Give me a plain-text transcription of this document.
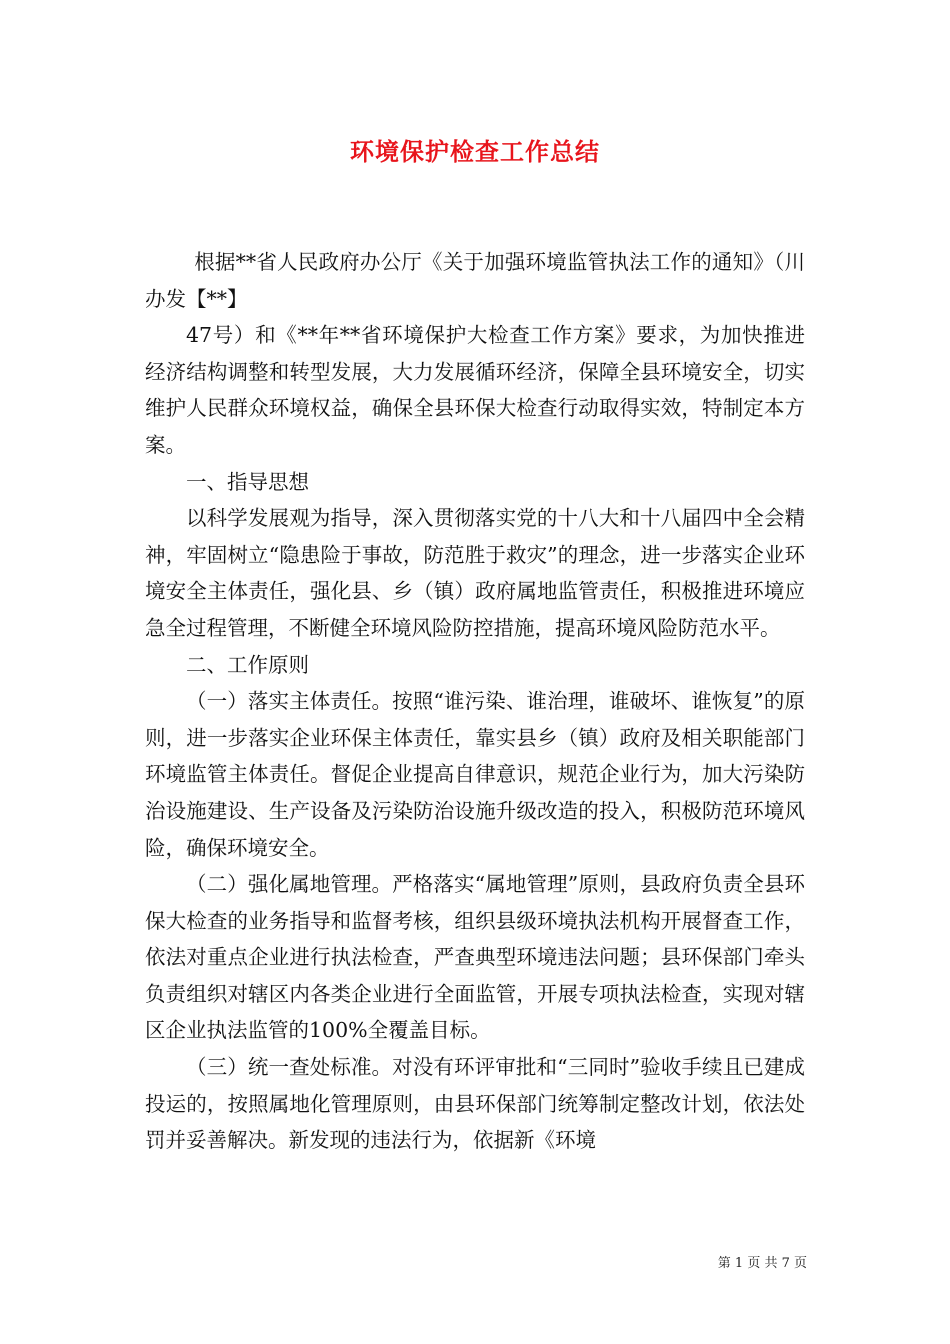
环境保护检查工作总结

根据**省人民政府办公厅《关于加强环境监管执法工作的通知》（川办发【**】

47号）和《**年**省环境保护大检查工作方案》要求，为加快推进经济结构调整和转型发展，大力发展循环经济，保障全县环境安全，切实维护人民群众环境权益，确保全县环保大检查行动取得实效，特制定本方案。

一、指导思想

以科学发展观为指导，深入贯彻落实党的十八大和十八届四中全会精神，牢固树立“隐患险于事故，防范胜于救灾”的理念，进一步落实企业环境安全主体责任，强化县、乡（镇）政府属地监管责任，积极推进环境应急全过程管理，不断健全环境风险防控措施，提高环境风险防范水平。

二、工作原则

（一）落实主体责任。按照“谁污染、谁治理，谁破坏、谁恢复”的原则，进一步落实企业环保主体责任，靠实县乡（镇）政府及相关职能部门环境监管主体责任。督促企业提高自律意识，规范企业行为，加大污染防治设施建设、生产设备及污染防治设施升级改造的投入，积极防范环境风险，确保环境安全。

（二）强化属地管理。严格落实“属地管理”原则，县政府负责全县环保大检查的业务指导和监督考核，组织县级环境执法机构开展督查工作，依法对重点企业进行执法检查，严查典型环境违法问题；县环保部门牵头负责组织对辖区内各类企业进行全面监管，开展专项执法检查，实现对辖区企业执法监管的100%全覆盖目标。

（三）统一查处标准。对没有环评审批和“三同时”验收手续且已建成投运的，按照属地化管理原则，由县环保部门统筹制定整改计划，依法处罚并妥善解决。新发现的违法行为，依据新《环境

第 1 页 共 7 页
